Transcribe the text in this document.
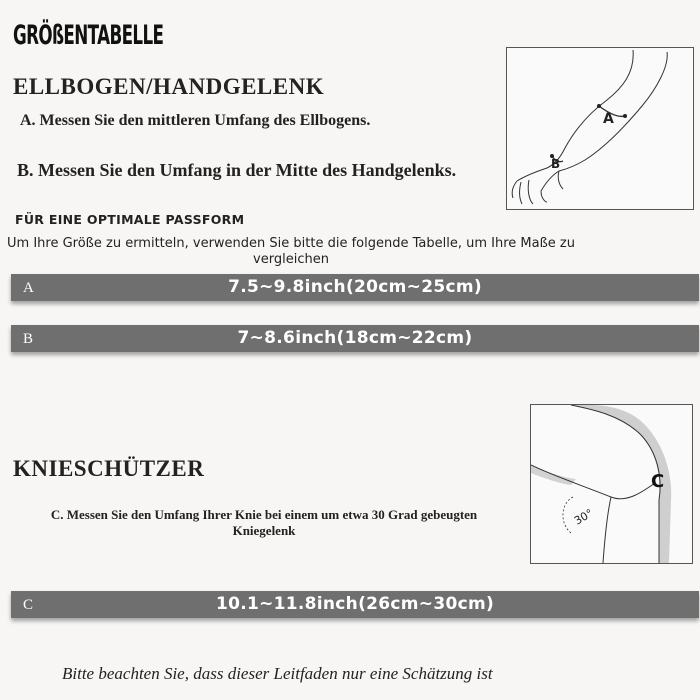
GRÖßENTABELLE
ELLBOGEN/HANDGELENK
A. Messen Sie den mittleren Umfang des Ellbogens.
B. Messen Sie den Umfang in der Mitte des Handgelenks.
A
B
FÜR EINE OPTIMALE PASSFORM
Um Ihre Größe zu ermitteln, verwenden Sie bitte die folgende Tabelle, um Ihre Maße zu vergleichen
A	7.5~9.8inch(20cm~25cm)
B	7~8.6inch(18cm~22cm)
KNIESCHÜTZER
C. Messen Sie den Umfang Ihrer Knie bei einem um etwa 30 Grad gebeugten Kniegelenk
C
30°
C	10.1~11.8inch(26cm~30cm)
Bitte beachten Sie, dass dieser Leitfaden nur eine Schätzung ist
